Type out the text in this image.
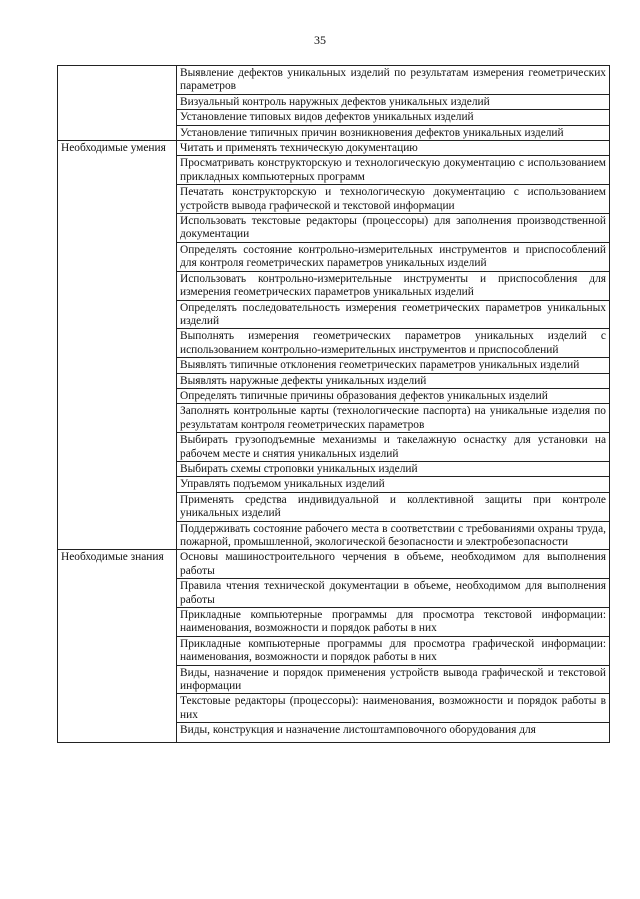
35
	Выявление дефектов уникальных изделий по результатам измерения геометрических параметров
	Визуальный контроль наружных дефектов уникальных изделий
	Установление типовых видов дефектов уникальных изделий
	Установление типичных причин возникновения дефектов уникальных изделий
Необходимые умения	Читать и применять техническую документацию
	Просматривать конструкторскую и технологическую документацию с использованием прикладных компьютерных программ
	Печатать конструкторскую и технологическую документацию с использованием устройств вывода графической и текстовой информации
	Использовать текстовые редакторы (процессоры) для заполнения производственной документации
	Определять состояние контрольно-измерительных инструментов и приспособлений для контроля геометрических параметров уникальных изделий
	Использовать контрольно-измерительные инструменты и приспособления для измерения геометрических параметров уникальных изделий
	Определять последовательность измерения геометрических параметров уникальных изделий
	Выполнять измерения геометрических параметров уникальных изделий с использованием контрольно-измерительных инструментов и приспособлений
	Выявлять типичные отклонения геометрических параметров уникальных изделий
	Выявлять наружные дефекты уникальных изделий
	Определять типичные причины образования дефектов уникальных изделий
	Заполнять контрольные карты (технологические паспорта) на уникальные изделия по результатам контроля геометрических параметров
	Выбирать грузоподъемные механизмы и такелажную оснастку для установки на рабочем месте и снятия уникальных изделий
	Выбирать схемы строповки уникальных изделий
	Управлять подъемом уникальных изделий
	Применять средства индивидуальной и коллективной защиты при контроле уникальных изделий
	Поддерживать состояние рабочего места в соответствии с требованиями охраны труда, пожарной, промышленной, экологической безопасности и электробезопасности
Необходимые знания	Основы машиностроительного черчения в объеме, необходимом для выполнения работы
	Правила чтения технической документации в объеме, необходимом для выполнения работы
	Прикладные компьютерные программы для просмотра текстовой информации: наименования, возможности и порядок работы в них
	Прикладные компьютерные программы для просмотра графической информации: наименования, возможности и порядок работы в них
	Виды, назначение и порядок применения устройств вывода графической и текстовой информации
	Текстовые редакторы (процессоры): наименования, возможности и порядок работы в них

	Виды, конструкция и назначение листоштамповочного оборудования для
